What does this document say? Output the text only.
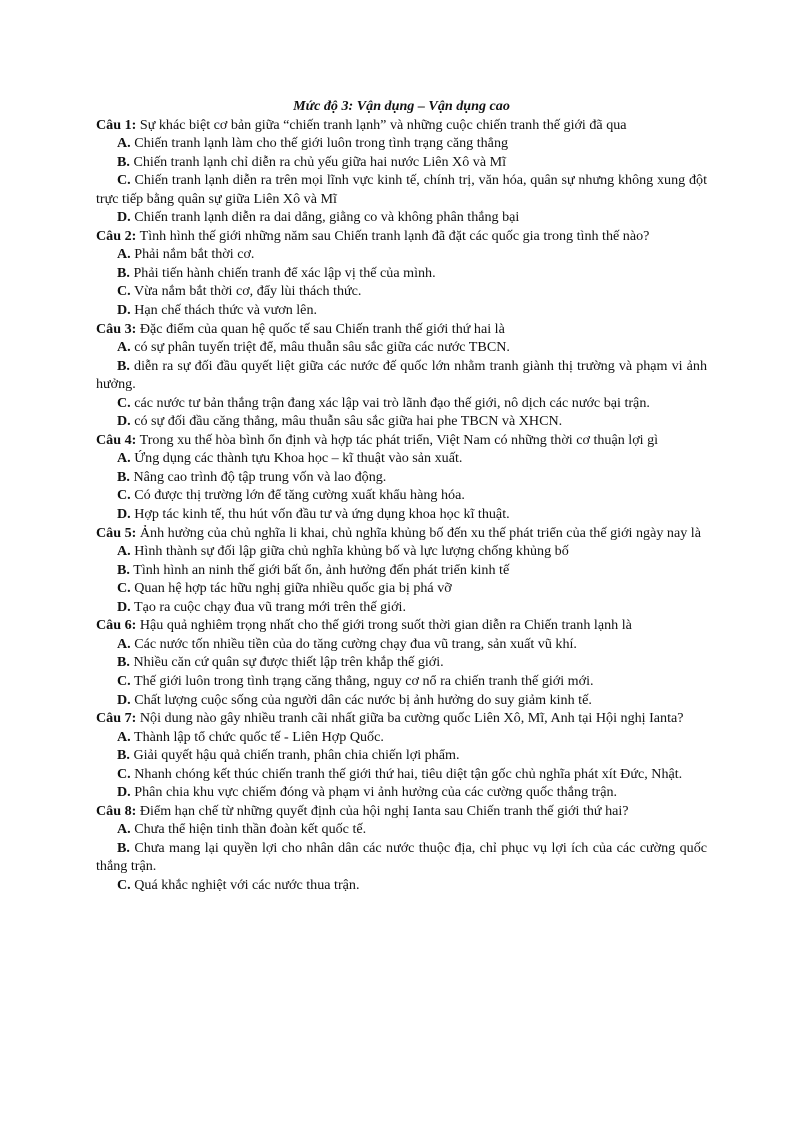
Mức độ 3: Vận dụng – Vận dụng cao
Câu 1: Sự khác biệt cơ bản giữa “chiến tranh lạnh” và những cuộc chiến tranh thế giới đã qua
A. Chiến tranh lạnh làm cho thế giới luôn trong tình trạng căng thẳng
B. Chiến tranh lạnh chỉ diễn ra chủ yếu giữa hai nước Liên Xô và Mĩ
C. Chiến tranh lạnh diễn ra trên mọi lĩnh vực kinh tế, chính trị, văn hóa, quân sự nhưng không xung đột trực tiếp bằng quân sự giữa Liên Xô và Mĩ
D. Chiến tranh lạnh diễn ra dai dẳng, giằng co và không phân thắng bại
Câu 2: Tình hình thế giới những năm sau Chiến tranh lạnh đã đặt các quốc gia trong tình thế nào?
A. Phải nắm bắt thời cơ.
B. Phải tiến hành chiến tranh để xác lập vị thế của mình.
C. Vừa nắm bắt thời cơ, đẩy lùi thách thức.
D. Hạn chế thách thức và vươn lên.
Câu 3: Đặc điểm của quan hệ quốc tế sau Chiến tranh thế giới thứ hai là
A. có sự phân tuyến triệt để, mâu thuẫn sâu sắc giữa các nước TBCN.
B. diễn ra sự đối đầu quyết liệt giữa các nước đế quốc lớn nhằm tranh giành thị trường và phạm vi ảnh hưởng.
C. các nước tư bản thắng trận đang xác lập vai trò lãnh đạo thế giới, nô dịch các nước bại trận.
D. có sự đối đầu căng thẳng, mâu thuẫn sâu sắc giữa hai phe TBCN và XHCN.
Câu 4: Trong xu thế hòa bình ổn định và hợp tác phát triển, Việt Nam có những thời cơ thuận lợi gì
A. Ứng dụng các thành tựu Khoa học – kĩ thuật vào sản xuất.
B. Nâng cao trình độ tập trung vốn và lao động.
C. Có được thị trường lớn để tăng cường xuất khẩu hàng hóa.
D. Hợp tác kinh tế, thu hút vốn đầu tư và ứng dụng khoa học kĩ thuật.
Câu 5: Ảnh hưởng của chủ nghĩa li khai, chủ nghĩa khủng bố đến xu thế phát triển của thế giới ngày nay là
A. Hình thành sự đối lập giữa chủ nghĩa khủng bố và lực lượng chống khủng bố
B. Tình hình an ninh thế giới bất ổn, ảnh hưởng đến phát triển kinh tế
C. Quan hệ hợp tác hữu nghị giữa nhiều quốc gia bị phá vỡ
D. Tạo ra cuộc chạy đua vũ trang mới trên thế giới.
Câu 6: Hậu quả nghiêm trọng nhất cho thế giới trong suốt thời gian diễn ra Chiến tranh lạnh là
A. Các nước tốn nhiều tiền của do tăng cường chạy đua vũ trang, sản xuất vũ khí.
B. Nhiều căn cứ quân sự được thiết lập trên khắp thế giới.
C. Thế giới luôn trong tình trạng căng thẳng, nguy cơ nổ ra chiến tranh thế giới mới.
D. Chất lượng cuộc sống của người dân các nước bị ảnh hưởng do suy giảm kinh tế.
Câu 7: Nội dung nào gây nhiều tranh cãi nhất giữa ba cường quốc Liên Xô, Mĩ, Anh tại Hội nghị Ianta?
A. Thành lập tổ chức quốc tế - Liên Hợp Quốc.
B. Giải quyết hậu quả chiến tranh, phân chia chiến lợi phẩm.
C. Nhanh chóng kết thúc chiến tranh thế giới thứ hai, tiêu diệt tận gốc chủ nghĩa phát xít Đức, Nhật.
D. Phân chia khu vực chiếm đóng và phạm vi ảnh hưởng của các cường quốc thắng trận.
Câu 8: Điểm hạn chế từ những quyết định của hội nghị Ianta sau Chiến tranh thế giới thứ hai?
A. Chưa thể hiện tinh thần đoàn kết quốc tế.
B. Chưa mang lại quyền lợi cho nhân dân các nước thuộc địa, chỉ phục vụ lợi ích của các cường quốc thắng trận.
C. Quá khắc nghiệt với các nước thua trận.
